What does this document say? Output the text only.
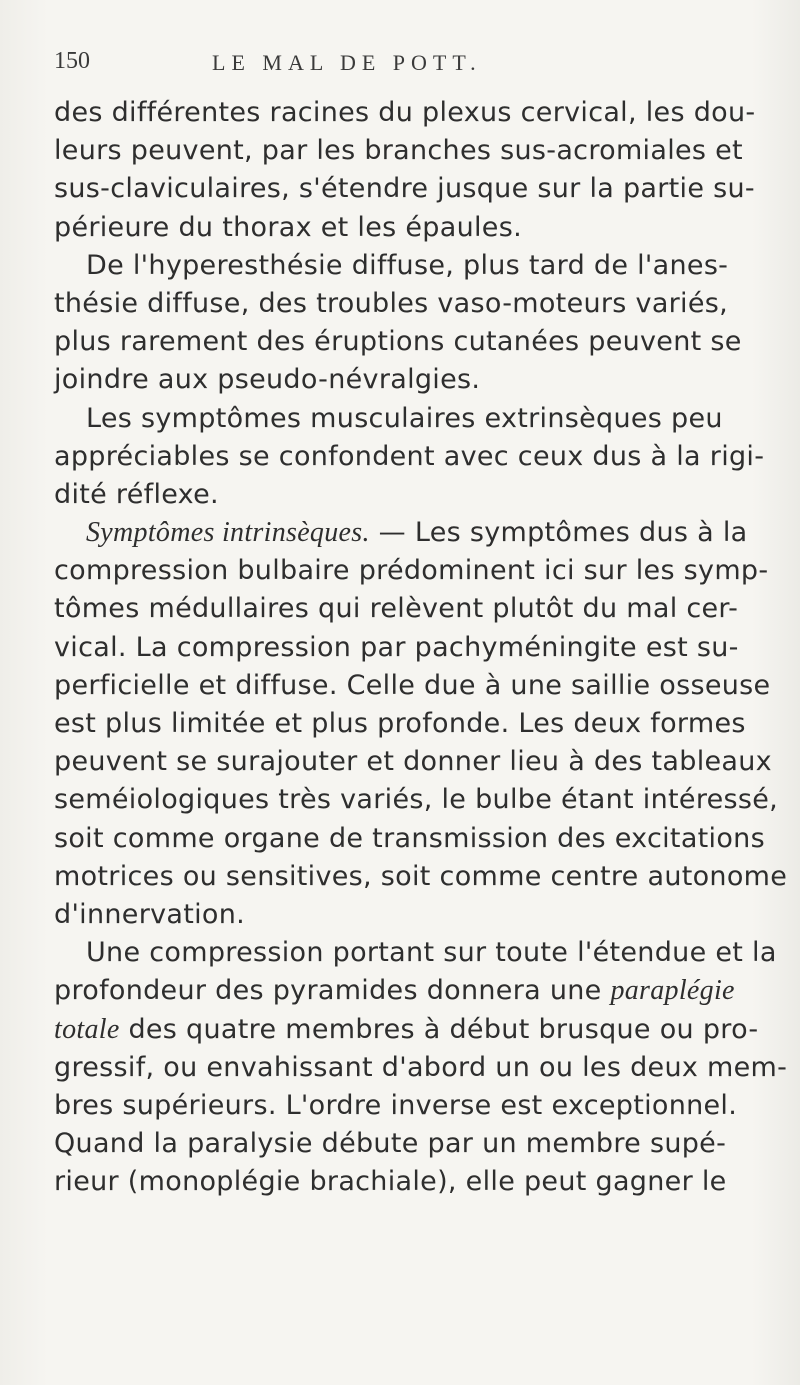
150	LE MAL DE POTT.
des différentes racines du plexus cervical, les dou-
leurs peuvent, par les branches sus-acromiales et
sus-claviculaires, s'étendre jusque sur la partie su-
périeure du thorax et les épaules.
De l'hyperesthésie diffuse, plus tard de l'anes-
thésie diffuse, des troubles vaso-moteurs variés,
plus rarement des éruptions cutanées peuvent se
joindre aux pseudo-névralgies.
Les symptômes musculaires extrinsèques peu
appréciables se confondent avec ceux dus à la rigi-
dité réflexe.
Symptômes intrinsèques. — Les symptômes dus à la
compression bulbaire prédominent ici sur les symp-
tômes médullaires qui relèvent plutôt du mal cer-
vical. La compression par pachyméningite est su-
perficielle et diffuse. Celle due à une saillie osseuse
est plus limitée et plus profonde. Les deux formes
peuvent se surajouter et donner lieu à des tableaux
seméiologiques très variés, le bulbe étant intéressé,
soit comme organe de transmission des excitations
motrices ou sensitives, soit comme centre autonome
d'innervation.
Une compression portant sur toute l'étendue et la
profondeur des pyramides donnera une paraplégie
totale des quatre membres à début brusque ou pro-
gressif, ou envahissant d'abord un ou les deux mem-
bres supérieurs. L'ordre inverse est exceptionnel.
Quand la paralysie débute par un membre supé-
rieur (monoplégie brachiale), elle peut gagner le
